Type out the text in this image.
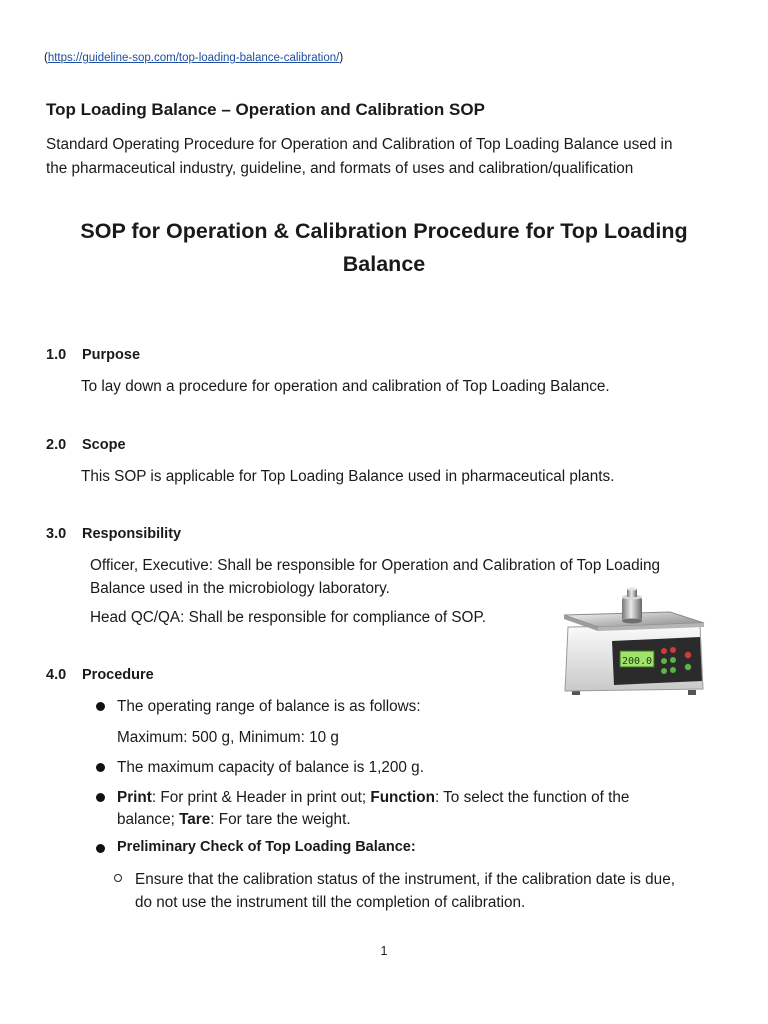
(https://guideline-sop.com/top-loading-balance-calibration/)
Top Loading Balance – Operation and Calibration SOP
Standard Operating Procedure for Operation and Calibration of Top Loading Balance used in
the pharmaceutical industry, guideline, and formats of uses and calibration/qualification
SOP for Operation & Calibration Procedure for Top Loading
Balance
1.0 Purpose
To lay down a procedure for operation and calibration of Top Loading Balance.
2.0 Scope
This SOP is applicable for Top Loading Balance used in pharmaceutical plants.
3.0 Responsibility
Officer, Executive: Shall be responsible for Operation and Calibration of Top Loading
Balance used in the microbiology laboratory.
Head QC/QA: Shall be responsible for compliance of SOP.
200.0
4.0 Procedure
The operating range of balance is as follows:
Maximum: 500 g, Minimum: 10 g
The maximum capacity of balance is 1,200 g.
Print: For print & Header in print out; Function: To select the function of the
balance; Tare: For tare the weight.
Preliminary Check of Top Loading Balance:
Ensure that the calibration status of the instrument, if the calibration date is due,
do not use the instrument till the completion of calibration.
1
